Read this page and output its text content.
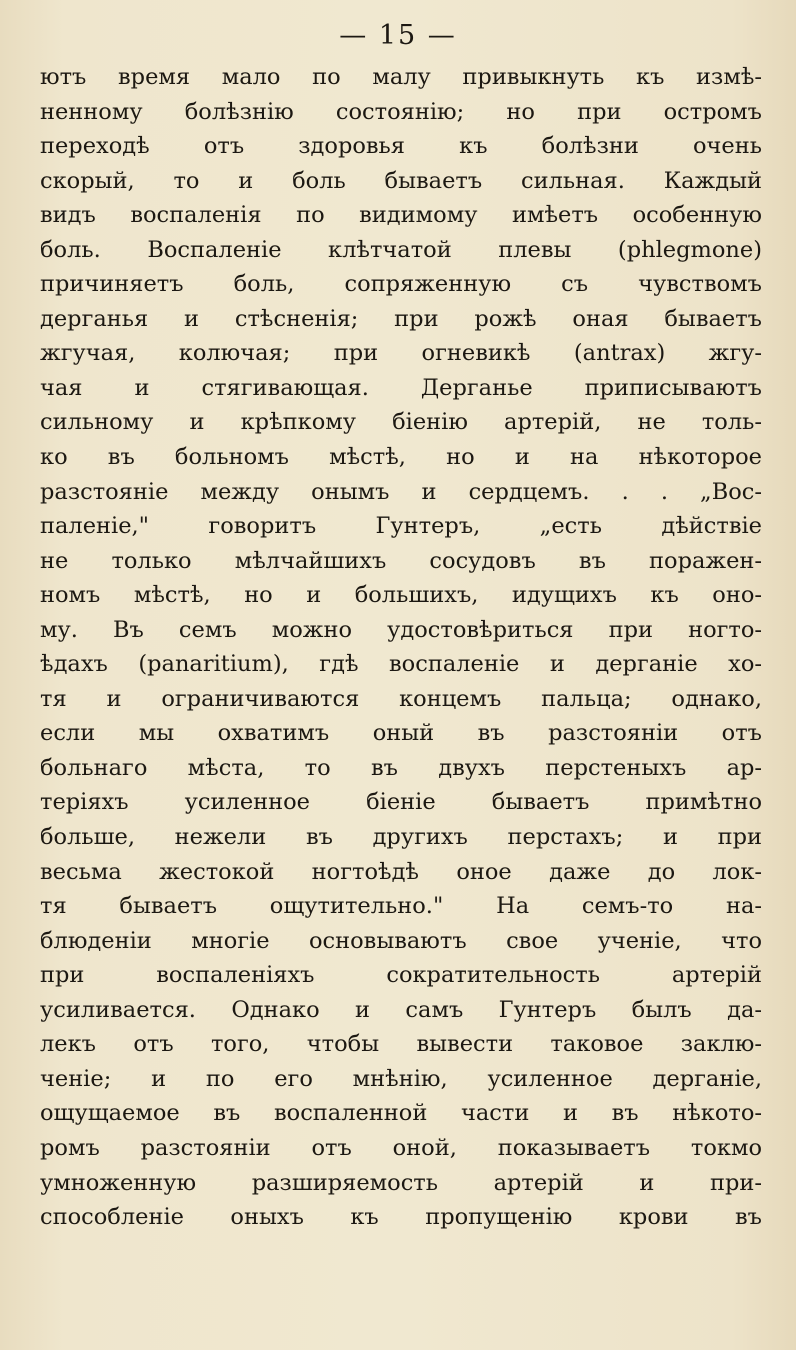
— 15 —
ютъ время мало по малу привыкнуть къ измѣ-
ненному болѣзнію состоянію; но при остромъ
переходѣ отъ здоровья къ болѣзни очень
скорый, то и боль бываетъ сильная. Каждый
видъ воспаленія по видимому имѣетъ особенную
боль. Воспаленіе клѣтчатой плевы (phlegmone)
причиняетъ боль, сопряженную съ чувствомъ
дерганья и стѣсненія; при рожѣ оная бываетъ
жгучая, колючая; при огневикѣ (antrax) жгу-
чая и стягивающая. Дерганье приписываютъ
сильному и крѣпкому біенію артерій, не толь-
ко въ больномъ мѣстѣ, но и на нѣкоторое
разстояніе между онымъ и сердцемъ. . . „Вос-
паленіе," говоритъ Гунтеръ, „есть дѣйствіе
не только мѣлчайшихъ сосудовъ въ поражен-
номъ мѣстѣ, но и большихъ, идущихъ къ оно-
му. Въ семъ можно удостовѣриться при ногто-
ѣдахъ (panaritium), гдѣ воспаленіе и дерганіе хо-
тя и ограничиваются концемъ пальца; однако,
если мы охватимъ оный въ разстояніи отъ
больнаго мѣста, то въ двухъ перстеныхъ ар-
теріяхъ усиленное біеніе бываетъ примѣтно
больше, нежели въ другихъ перстахъ; и при
весьма жестокой ногтоѣдѣ оное даже до лок-
тя бываетъ ощутительно." На семъ-то на-
блюденіи многіе основываютъ свое ученіе, что
при воспаленіяхъ сократительность артерій
усиливается. Однако и самъ Гунтеръ былъ да-
лекъ отъ того, чтобы вывести таковое заклю-
ченіе; и по его мнѣнію, усиленное дерганіе,
ощущаемое въ воспаленной части и въ нѣкото-
ромъ разстояніи отъ оной, показываетъ токмо
умноженную разширяемость артерій и при-
способленіе оныхъ къ пропущенію крови въ
